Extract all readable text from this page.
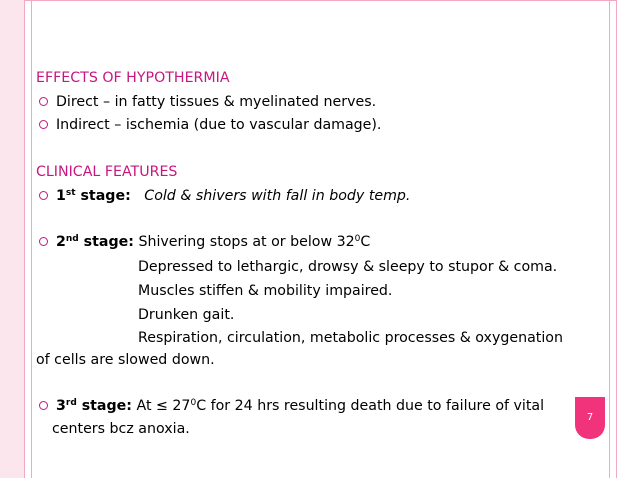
EFFECTS OF HYPOTHERMIA
Direct – in fatty tissues & myelinated nerves.
Indirect – ischemia (due to vascular damage).
CLINICAL FEATURES
1st stage: Cold & shivers with fall in body temp.
2nd stage: Shivering stops at or below $32^0C$
Depressed to lethargic, drowsy & sleepy to stupor & coma.
Muscles stiffen & mobility impaired.
Drunken gait.
Respiration, circulation, metabolic processes & oxygenation
of cells are slowed down.
3rd stage: $At \le 27^0C$ for 24 hrs resulting death due to failure of vital
centers bcz anoxia.
7
